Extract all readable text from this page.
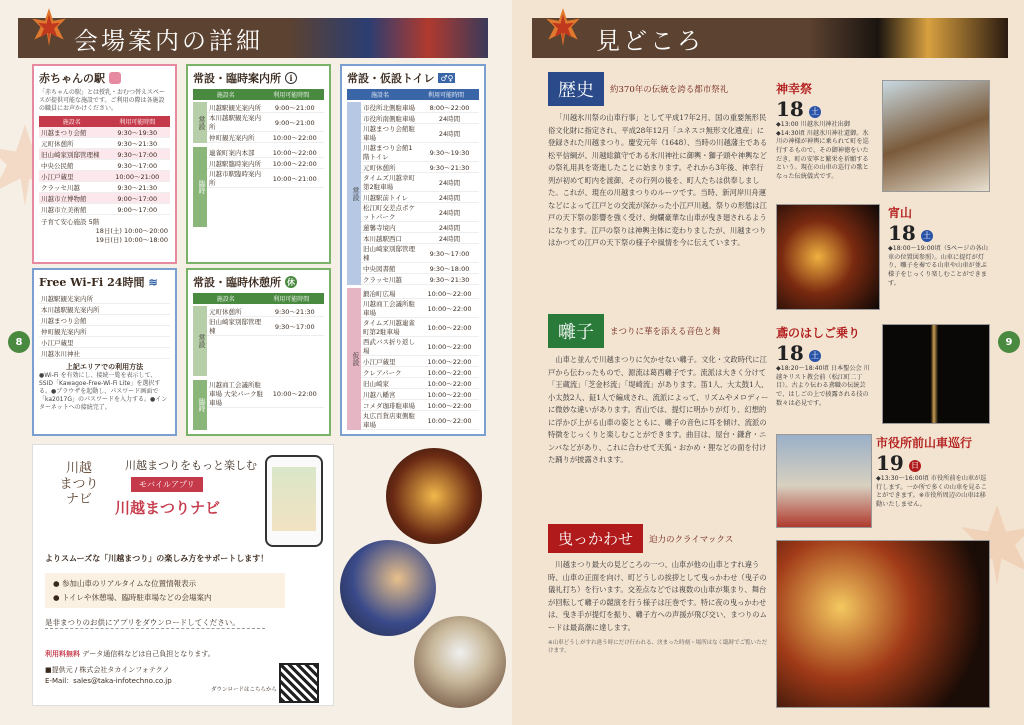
会場案内の詳細
赤ちゃんの駅

「赤ちゃんの駅」とは授乳・おむつ替えスペースが提供可能な施設です。ご利用の際は各施設の職員にお声かけください。

施設名	利用可能時間
川越まつり会館	9:30〜19:30
元町休憩所	9:30〜21:30
旧山崎家別邸管理棟	9:30〜17:00
中央公民館	9:30〜17:00
小江戸蔵里	10:00〜21:00
クラッセ川越	9:30〜21:30
川越市立博物館	9:00〜17:00
川越市立美術館	9:00〜17:00
子育て安心施設 5階
18日(土) 10:00〜20:00
19日(日) 10:00〜18:00
常設・臨時案内所	i
施設名	利用可能時間
常設
川越駅観光案内所	9:00〜21:00
本川越駅観光案内所
9:00〜21:00
仲町観光案内所	10:00〜22:00
臨時
連雀町案内本部	10:00〜22:00
川越駅臨時案内所	10:00〜22:00
川越市駅臨時案内所
10:00〜21:00
Free Wi-Fi 24時間 ≋
川越駅観光案内所
本川越駅観光案内所
川越まつり会館
仲町観光案内所
小江戸蔵里
川越氷川神社
上記エリアでの利用方法

●Wi-Fi を有効にし、接続一覧を表示して、SSID「Kawagoe-Free-Wi-Fi Lite」を選択する。●ブラウザを起動し、パスワード画面で「ka2017G」のパスワードを入力する。●インターネットへの接続完了。

常設・臨時休憩所 休
施設名	利用可能時間
常設
元町休憩所	9:30〜21:30
旧山崎家別邸管理棟
9:30〜17:00
臨時
川越商工会議所駐車場 大栄パーク駐車場
10:00〜22:00
常設・仮設トイレ ♂♀
施設名	利用可能時間
常設
市役所北側駐車場	8:00〜22:00
市役所南側駐車場	24時間
川越まつり会館駐車場
24時間
川越まつり会館1階トイレ
9:30〜19:30
元町休憩所	9:30〜21:30
タイムズ川越幸町第2駐車場
24時間
川越駅前トイレ	24時間
松江町交差点ポケットパーク
24時間
蓮馨寺境内	24時間
本川越駅西口	24時間
旧山崎家別邸管理棟
9:30〜17:00
中央図書館	9:30〜18:00
クラッセ川越	9:30〜21:30
仮設
鍛冶町広場	10:00〜22:00
川越商工会議所駐車場
10:00〜22:00
タイムズ川越連雀町第2駐車場
10:00〜22:00
西武バス折り返し場
10:00〜22:00
小江戸蔵里	10:00〜22:00
クレアパーク	10:00〜22:00
旧山崎家	10:00〜22:00
川越八幡宮	10:00〜22:00
コメダ珈琲駐車場	10:00〜22:00
丸広百貨店東側駐車場
10:00〜22:00
8
川越
まつり
ナビ
川越まつりをもっと楽しむ
モバイルアプリ
川越まつりナビ
よりスムーズな「川越まつり」の楽しみ方をサポートします！
● 参加山車のリアルタイムな位置情報表示
● トイレや休憩場、臨時駐車場などの会場案内
是非まつりのお供にアプリをダウンロードしてください。
利用料無料 データ通信料などは自己負担となります。
■提供元 / 株式会社タカインフォテクノ
E-Mail：sales@taka-infotechno.co.jp
ダウンロードはこちらから
見どころ
歴史 約370年の伝統を誇る都市祭礼

「川越氷川祭の山車行事」として平成17年2月、国の重要無形民俗文化財に指定され、平成28年12月「ユネスコ無形文化遺産」に登録された川越まつり。慶安元年（1648）、当時の川越藩主である松平信綱が、川越総鎮守である氷川神社に御輿・獅子頭や神輿などの祭礼用具を寄進したことに始まります。それから3年後、神幸行列が初めて町内を渡御、その行列の後を、町人たちは供奉しました。これが、現在の川越まつりのルーツです。当時、新河岸川舟運などによって江戸との交流が深かった小江戸川越。祭りの形態は江戸の天下祭の影響を強く受け、絢爛豪華な山車が曳き廻されるようになります。江戸の祭りは神輿主体に変わりましたが、川越まつりはかつての江戸の天下祭の様子や風情を今に伝えています。

囃子 まつりに華を添える音色と舞

山車と並んで川越まつりに欠かせない囃子。文化・文政時代に江戸から伝わったもので、源流は葛西囃子です。流派は大きく分けて「王蔵流」「芝金杉流」「堤崎流」があります。笛1人、大太鼓1人、小太鼓2人、鉦1人で編成され、流派によって、リズムやメロディーに微妙な違いがあります。宵山では、提灯に明かりが灯り、幻想的に浮かび上がる山車の姿とともに、囃子の音色に耳を傾け、流派の特徴をじっくりと楽しむことができます。曲目は、屋台・鎌倉・ニンバなどがあり、これに合わせて天狐・おかめ・狸などの面を付けた踊りが披露されます。

曳っかわせ 迫力のクライマックス

川越まつり最大の見どころの一つ、山車が他の山車とすれ違う時、山車の正面を向け、町どうしの挨拶として曳っかわせ（曳子の儀礼打ち）を行います。交差点などでは複数の山車が集まり、舞台が回転して囃子の競演を行う様子は圧巻です。特に夜の曳っかわせは、曳き手が提灯を振り、囃子方への声援が飛び交い、まつりのムードは最高潮に達します。

※山車どうしがすれ違う時にだけ行われる、決まった時刻・場所はなく臨時でご覧いただけます。

神幸祭
18 土
◆13:00 川越氷川神社出御 ◆14:30頃 川越氷川神社還御。氷川の神様が神輿に乗られて町を巡行するもので、その御神徳をいただき、町の安寧と繁栄を祈願するという。現在の山車の巡行の歌となった伝統儀式です。
宵山
18 土
◆18:00〜19:00頃（5ページの各山車の位置図参照）。山車に提灯が灯り、囃子を奏でる山車や山車が並ぶ様子をじっくり楽しむことができます。
鳶のはしご乗り
18 土
◆18:20〜18:40頃 日本聖公会 川越キリスト教会前（松江町二丁目）。古より伝わる鳶職の伝統芸で、はしごの上で披露される技の数々は必見です。
市役所前山車巡行
19 日
◆13:30〜16:00頃 市役所前を山車が巡行します。一か所で多くの山車を見ることができます。※市役所周辺の山車は移動いたしません。
9
